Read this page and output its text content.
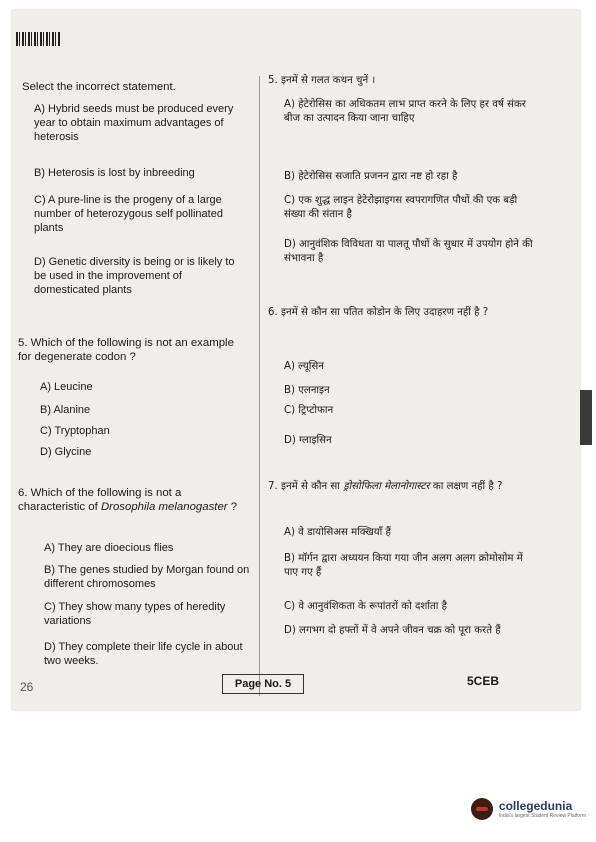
Select the incorrect statement.
A) Hybrid seeds must be produced every year to obtain maximum advantages of heterosis
B) Heterosis is lost by inbreeding
C) A pure-line is the progeny of a large number of heterozygous self pollinated plants
D) Genetic diversity is being or is likely to be used in the improvement of domesticated plants
5. Which of the following is not an example for degenerate codon ?
A) Leucine
B) Alanine
C) Tryptophan
D) Glycine
6. Which of the following is not a characteristic of Drosophila melanogaster ?
A) They are dioecious flies
B) The genes studied by Morgan found on different chromosomes
C) They show many types of heredity variations
D) They complete their life cycle in about two weeks.
5. इनमें से गलत कथन चुनें ।
A) हेटेरोसिस का अधिकतम लाभ प्राप्त करने के लिए हर वर्ष संकर बीज का उत्पादन किया जाना चाहिए
B) हेटेरोसिस सजाति प्रजनन द्वारा नष्ट हो रहा है
C) एक शुद्ध लाइन हेटेरोझाइगस स्वपरागणित पौधों की एक बड़ी संख्या की संतान है
D) आनुवंशिक विविधता या पालतू पौधों के सुधार में उपयोग होने की संभावना है
6. इनमें से कौन सा पतित कोडोन के लिए उदाहरण नहीं है ?
A) ल्यूसिन
B) एलनाइन
C) ट्रिप्टोफान
D) ग्लाइसिन
7. इनमें से कौन सा ड्रोसोफिला मेलानोगास्टर का लक्षण नहीं है ?
A) वे डायोसिअस मक्खियाँ हैं
B) मॉर्गन द्वारा अध्ययन किया गया जीन अलग अलग क्रोमोसोम में पाए गए हैं
C) वे आनुवंशिकता के रूपांतरों को दर्शाता है
D) लगभग दो हफ्तों में वे अपने जीवन चक्र को पूरा करते हैं
26	Page No. 5	5CEB
collegedunia
India's largest Student Review Platform
